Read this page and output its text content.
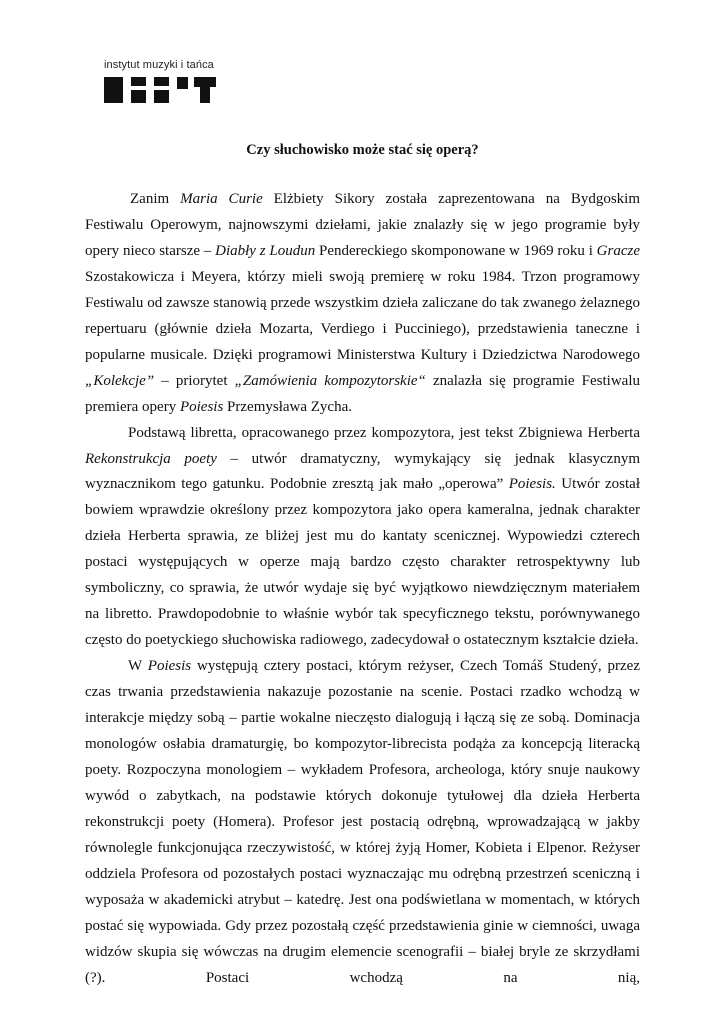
instytut muzyki i tańca
Czy słuchowisko może stać się operą?

Zanim Maria Curie Elżbiety Sikory została zaprezentowana na Bydgoskim Festiwalu Operowym, najnowszymi dziełami, jakie znalazły się w jego programie były opery nieco starsze – Diabły z Loudun Pendereckiego skomponowane w 1969 roku i Gracze Szostakowicza i Meyera, którzy mieli swoją premierę w roku 1984. Trzon programowy Festiwalu od zawsze stanowią przede wszystkim dzieła zaliczane do tak zwanego żelaznego repertuaru (głównie dzieła Mozarta, Verdiego i Pucciniego), przedstawienia taneczne i popularne musicale. Dzięki programowi Ministerstwa Kultury i Dziedzictwa Narodowego „Kolekcje” – priorytet „Zamówienia kompozytorskie“ znalazła się programie Festiwalu premiera opery Poiesis Przemysława Zycha.

Podstawą libretta, opracowanego przez kompozytora, jest tekst Zbigniewa Herberta Rekonstrukcja poety – utwór dramatyczny, wymykający się jednak klasycznym wyznacznikom tego gatunku. Podobnie zresztą jak mało „operowa” Poiesis. Utwór został bowiem wprawdzie określony przez kompozytora jako opera kameralna, jednak charakter dzieła Herberta sprawia, ze bliżej jest mu do kantaty scenicznej. Wypowiedzi czterech postaci występujących w operze mają bardzo często charakter retrospektywny lub symboliczny, co sprawia, że utwór wydaje się być wyjątkowo niewdzięcznym materiałem na libretto. Prawdopodobnie to właśnie wybór tak specyficznego tekstu, porównywanego często do poetyckiego słuchowiska radiowego, zadecydował o ostatecznym kształcie dzieła.

W Poiesis występują cztery postaci, którym reżyser, Czech Tomáš Studený, przez czas trwania przedstawienia nakazuje pozostanie na scenie. Postaci rzadko wchodzą w interakcje między sobą – partie wokalne nieczęsto dialogują i łączą się ze sobą. Dominacja monologów osłabia dramaturgię, bo kompozytor-librecista podąża za koncepcją literacką poety. Rozpoczyna monologiem – wykładem Profesora, archeologa, który snuje naukowy wywód o zabytkach, na podstawie których dokonuje tytułowej dla dzieła Herberta rekonstrukcji poety (Homera). Profesor jest postacią odrębną, wprowadzającą w jakby równolegle funkcjonująca rzeczywistość, w której żyją Homer, Kobieta i Elpenor. Reżyser oddziela Profesora od pozostałych postaci wyznaczając mu odrębną przestrzeń sceniczną i wyposaża w akademicki atrybut – katedrę. Jest ona podświetlana w momentach, w których postać się wypowiada. Gdy przez pozostałą część przedstawienia ginie w ciemności, uwaga widzów skupia się wówczas na drugim elemencie scenografii – białej bryle ze skrzydłami (?). Postaci wchodzą na nią,
